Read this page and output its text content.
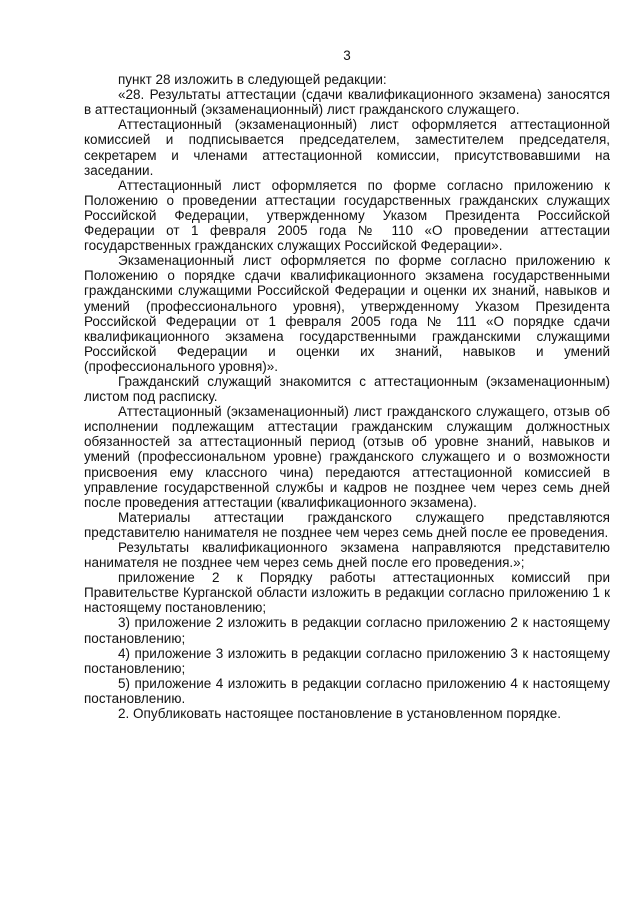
3

пункт 28 изложить в следующей редакции:

«28. Результаты аттестации (сдачи квалификационного экзамена) заносятся в аттестационный (экзаменационный) лист гражданского служащего.

Аттестационный (экзаменационный) лист оформляется аттестационной комиссией и подписывается председателем, заместителем председателя, секретарем и членами аттестационной комиссии, присутствовавшими на заседании.

Аттестационный лист оформляется по форме согласно приложению к Положению о проведении аттестации государственных гражданских служащих Российской Федерации, утвержденному Указом Президента Российской Федерации от 1 февраля 2005 года № 110 «О проведении аттестации государственных гражданских служащих Российской Федерации».

Экзаменационный лист оформляется по форме согласно приложению к Положению о порядке сдачи квалификационного экзамена государственными гражданскими служащими Российской Федерации и оценки их знаний, навыков и умений (профессионального уровня), утвержденному Указом Президента Российской Федерации от 1 февраля 2005 года № 111 «О порядке сдачи квалификационного экзамена государственными гражданскими служащими Российской Федерации и оценки их знаний, навыков и умений (профессионального уровня)».

Гражданский служащий знакомится с аттестационным (экзаменационным) листом под расписку.

Аттестационный (экзаменационный) лист гражданского служащего, отзыв об исполнении подлежащим аттестации гражданским служащим должностных обязанностей за аттестационный период (отзыв об уровне знаний, навыков и умений (профессиональном уровне) гражданского служащего и о возможности присвоения ему классного чина) передаются аттестационной комиссией в управление государственной службы и кадров не позднее чем через семь дней после проведения аттестации (квалификационного экзамена).

Материалы аттестации гражданского служащего представляются представителю нанимателя не позднее чем через семь дней после ее проведения.

Результаты квалификационного экзамена направляются представителю нанимателя не позднее чем через семь дней после его проведения.»;

приложение 2 к Порядку работы аттестационных комиссий при Правительстве Курганской области изложить в редакции согласно приложению 1 к настоящему постановлению;

3) приложение 2 изложить в редакции согласно приложению 2 к настоящему постановлению;

4) приложение 3 изложить в редакции согласно приложению 3 к настоящему постановлению;

5) приложение 4 изложить в редакции согласно приложению 4 к настоящему постановлению.

2. Опубликовать настоящее постановление в установленном порядке.
